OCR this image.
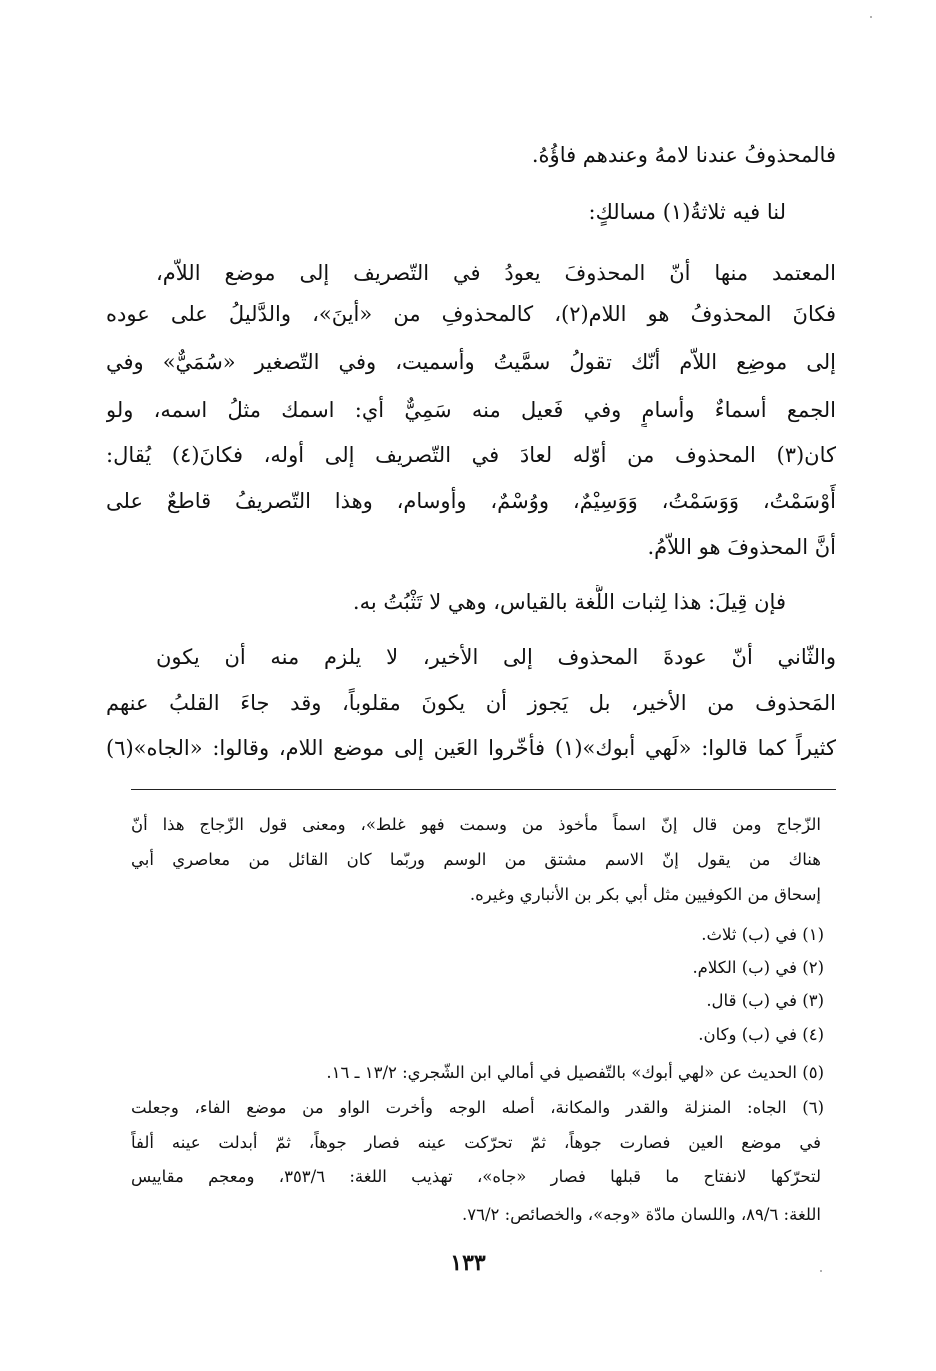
فالمحذوفُ عندنا لامهُ وعندهم فاؤُهُ.
لنا فيه ثلاثةُ(١) مسالكٍ:
المعتمد منها أنّ المحذوفَ يعودُ في التّصريف إلى موضع اللاّم،
فكانَ المحذوفُ هو اللام(٢)، كالمحذوفِ من «أينَ»، والدَّليلُ على عوده
إلى موضِع اللاّم أنّك تقولُ سمَّيتُ وأسميت، وفي التّصغير «سُمَيٌّ» وفي
الجمع أسماءٌ وأسامٍ وفي فَعيل منه سَمِيٌّ أي: اسمك مثلُ اسمه، ولو
كان(٣) المحذوف من أوّله لعادَ في التّصريف إلى أوله، فكانَ(٤) يُقال:
أَوْسَمْتُ، وَوَسَمْتُ، وَوَسِيْمٌ، ووُسْمٌ، وأوسام، وهذا التّصريفُ قاطعٌ على
أنَّ المحذوفَ هو اللاّمُ.
فإن قِيلَ: هذا لِثبات اللُّغة بالقياس، وهي لا تَثْبُتُ به.
والثّاني أنّ عودةَ المحذوف إلى الأخير، لا يلزم منه أن يكون
المَحذوف من الأخير، بل يَجوز أن يكونَ مقلوباً، وقد جاءَ القلبُ عنهم
كثيراً كما قالوا: «لَهي أبوك»(١) فأخّروا العَين إلى موضع اللام، وقالوا: «الجاه»(٦)
الزّجاج ومن قال إنّ اسماً مأخوذ من وسمت فهو غلط»، ومعنى قول الزّجاج هذا أنّ
هناك من يقول إنّ الاسم مشتق من الوسم وربّما كان القائل من معاصري أبي
إسحاق من الكوفيين مثل أبي بكر بن الأنباري وغيره.
(١) في (ب) ثلاث.
(٢) في (ب) الكلام.
(٣) في (ب) قال.
(٤) في (ب) وكان.
(٥) الحديث عن «لهي أبوك» بالتّفصيل في أمالي ابن الشّجري: ١٣/٢ ـ ١٦.
(٦) الجاه: المنزلة والقدر والمكانة، أصله الوجه وأخرت الواو من موضع الفاء، وجعلت
في موضع العين فصارت جوهاً، ثمّ تحرّكت عينه فصار جوهاً، ثمّ أبدلت عينه ألفاً
لتحرّكها لانفتاح ما قبلها فصار «جاه»، تهذيب اللغة: ٣٥٣/٦، ومعجم مقاييس
اللغة: ٨٩/٦، واللسان مادّة «وجه»، والخصائص: ٧٦/٢.
١٣٣
